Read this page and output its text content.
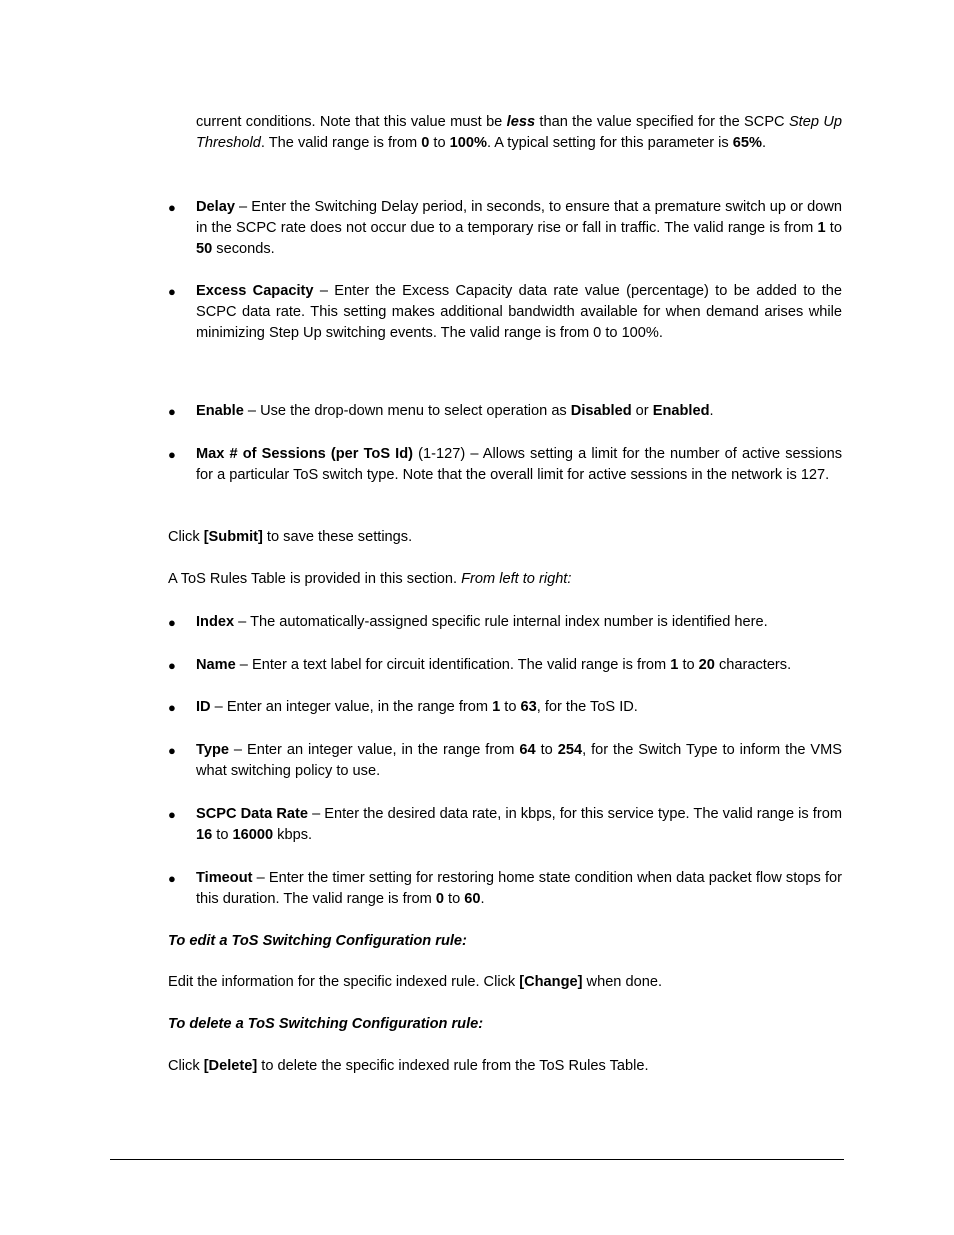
current conditions. Note that this value must be less than the value specified for the SCPC Step Up Threshold. The valid range is from 0 to 100%. A typical setting for this parameter is 65%.

●	Delay – Enter the Switching Delay period, in seconds, to ensure that a premature switch up or down in the SCPC rate does not occur due to a temporary rise or fall in traffic. The valid range is from 1 to 50 seconds.
●	Excess Capacity – Enter the Excess Capacity data rate value (percentage) to be added to the SCPC data rate. This setting makes additional bandwidth available for when demand arises while minimizing Step Up switching events. The valid range is from 0 to 100%.
●	Enable – Use the drop-down menu to select operation as Disabled or Enabled.
●	Max # of Sessions (per ToS Id) (1-127) – Allows setting a limit for the number of active sessions for a particular ToS switch type. Note that the overall limit for active sessions in the network is 127.

Click [Submit] to save these settings.

A ToS Rules Table is provided in this section. From left to right:

●	Index – The automatically-assigned specific rule internal index number is identified here.
●	Name – Enter a text label for circuit identification. The valid range is from 1 to 20 characters.
●	ID – Enter an integer value, in the range from 1 to 63, for the ToS ID.
●	Type – Enter an integer value, in the range from 64 to 254, for the Switch Type to inform the VMS what switching policy to use.
●	SCPC Data Rate – Enter the desired data rate, in kbps, for this service type. The valid range is from 16 to 16000 kbps.
●	Timeout – Enter the timer setting for restoring home state condition when data packet flow stops for this duration. The valid range is from 0 to 60.

To edit a ToS Switching Configuration rule:

Edit the information for the specific indexed rule. Click [Change] when done.

To delete a ToS Switching Configuration rule:

Click [Delete] to delete the specific indexed rule from the ToS Rules Table.
